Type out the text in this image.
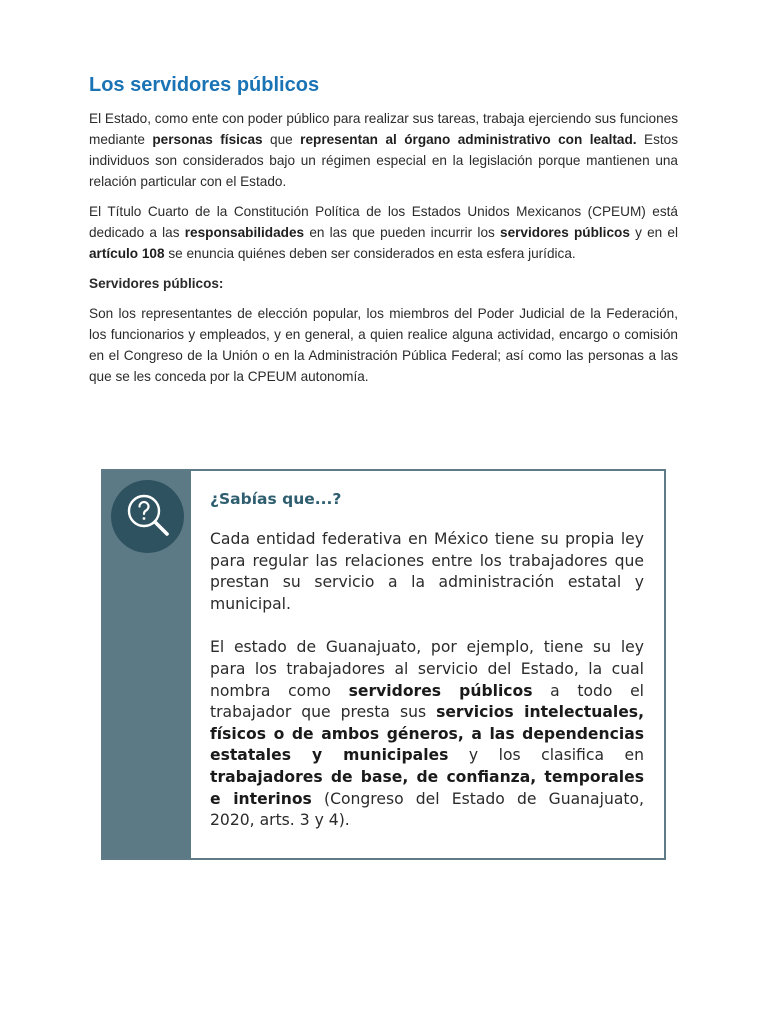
Los servidores públicos

El Estado, como ente con poder público para realizar sus tareas, trabaja ejerciendo sus funciones mediante personas físicas que representan al órgano administrativo con lealtad. Estos individuos son considerados bajo un régimen especial en la legislación porque mantienen una relación particular con el Estado.

El Título Cuarto de la Constitución Política de los Estados Unidos Mexicanos (CPEUM) está dedicado a las responsabilidades en las que pueden incurrir los servidores públicos y en el artículo 108 se enuncia quiénes deben ser considerados en esta esfera jurídica.

Servidores públicos:

Son los representantes de elección popular, los miembros del Poder Judicial de la Federación, los funcionarios y empleados, y en general, a quien realice alguna actividad, encargo o comisión en el Congreso de la Unión o en la Administración Pública Federal; así como las personas a las que se les conceda por la CPEUM autonomía.

¿Sabías que...?

Cada entidad federativa en México tiene su propia ley para regular las relaciones entre los trabajadores que prestan su servicio a la administración estatal y municipal.

El estado de Guanajuato, por ejemplo, tiene su ley para los trabajadores al servicio del Estado, la cual nombra como servidores públicos a todo el trabajador que presta sus servicios intelectuales, físicos o de ambos géneros, a las dependencias estatales y municipales y los clasifica en trabajadores de base, de confianza, temporales e interinos (Congreso del Estado de Guanajuato, 2020, arts. 3 y 4).
